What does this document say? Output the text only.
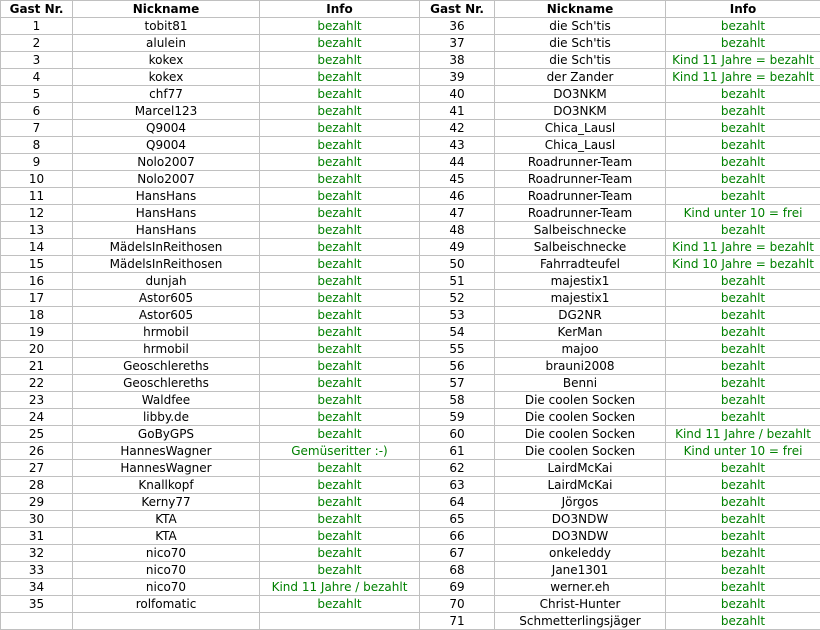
Gast Nr.	Nickname	Info	Gast Nr.	Nickname	Info
1	tobit81	bezahlt	36	die Sch'tis	bezahlt
2	alulein	bezahlt	37	die Sch'tis	bezahlt
3	kokex	bezahlt	38	die Sch'tis	Kind 11 Jahre = bezahlt
4	kokex	bezahlt	39	der Zander	Kind 11 Jahre = bezahlt
5	chf77	bezahlt	40	DO3NKM	bezahlt
6	Marcel123	bezahlt	41	DO3NKM	bezahlt
7	Q9004	bezahlt	42	Chica_Lausl	bezahlt
8	Q9004	bezahlt	43	Chica_Lausl	bezahlt
9	Nolo2007	bezahlt	44	Roadrunner-Team	bezahlt
10	Nolo2007	bezahlt	45	Roadrunner-Team	bezahlt
11	HansHans	bezahlt	46	Roadrunner-Team	bezahlt
12	HansHans	bezahlt	47	Roadrunner-Team	Kind unter 10 = frei
13	HansHans	bezahlt	48	Salbeischnecke	bezahlt
14	MädelsInReithosen	bezahlt	49	Salbeischnecke	Kind 11 Jahre = bezahlt
15	MädelsInReithosen	bezahlt	50	Fahrradteufel	Kind 10 Jahre = bezahlt
16	dunjah	bezahlt	51	majestix1	bezahlt
17	Astor605	bezahlt	52	majestix1	bezahlt
18	Astor605	bezahlt	53	DG2NR	bezahlt
19	hrmobil	bezahlt	54	KerMan	bezahlt
20	hrmobil	bezahlt	55	majoo	bezahlt
21	Geoschlereths	bezahlt	56	brauni2008	bezahlt
22	Geoschlereths	bezahlt	57	Benni	bezahlt
23	Waldfee	bezahlt	58	Die coolen Socken	bezahlt
24	libby.de	bezahlt	59	Die coolen Socken	bezahlt
25	GoByGPS	bezahlt	60	Die coolen Socken	Kind 11 Jahre / bezahlt
26	HannesWagner	Gemüseritter :-)	61	Die coolen Socken	Kind unter 10 = frei
27	HannesWagner	bezahlt	62	LairdMcKai	bezahlt
28	Knallkopf	bezahlt	63	LairdMcKai	bezahlt
29	Kerny77	bezahlt	64	Jörgos	bezahlt
30	KTA	bezahlt	65	DO3NDW	bezahlt
31	KTA	bezahlt	66	DO3NDW	bezahlt
32	nico70	bezahlt	67	onkeleddy	bezahlt
33	nico70	bezahlt	68	Jane1301	bezahlt
34	nico70	Kind 11 Jahre / bezahlt	69	werner.eh	bezahlt
35	rolfomatic	bezahlt	70	Christ-Hunter	bezahlt
			71	Schmetterlingsjäger	bezahlt
